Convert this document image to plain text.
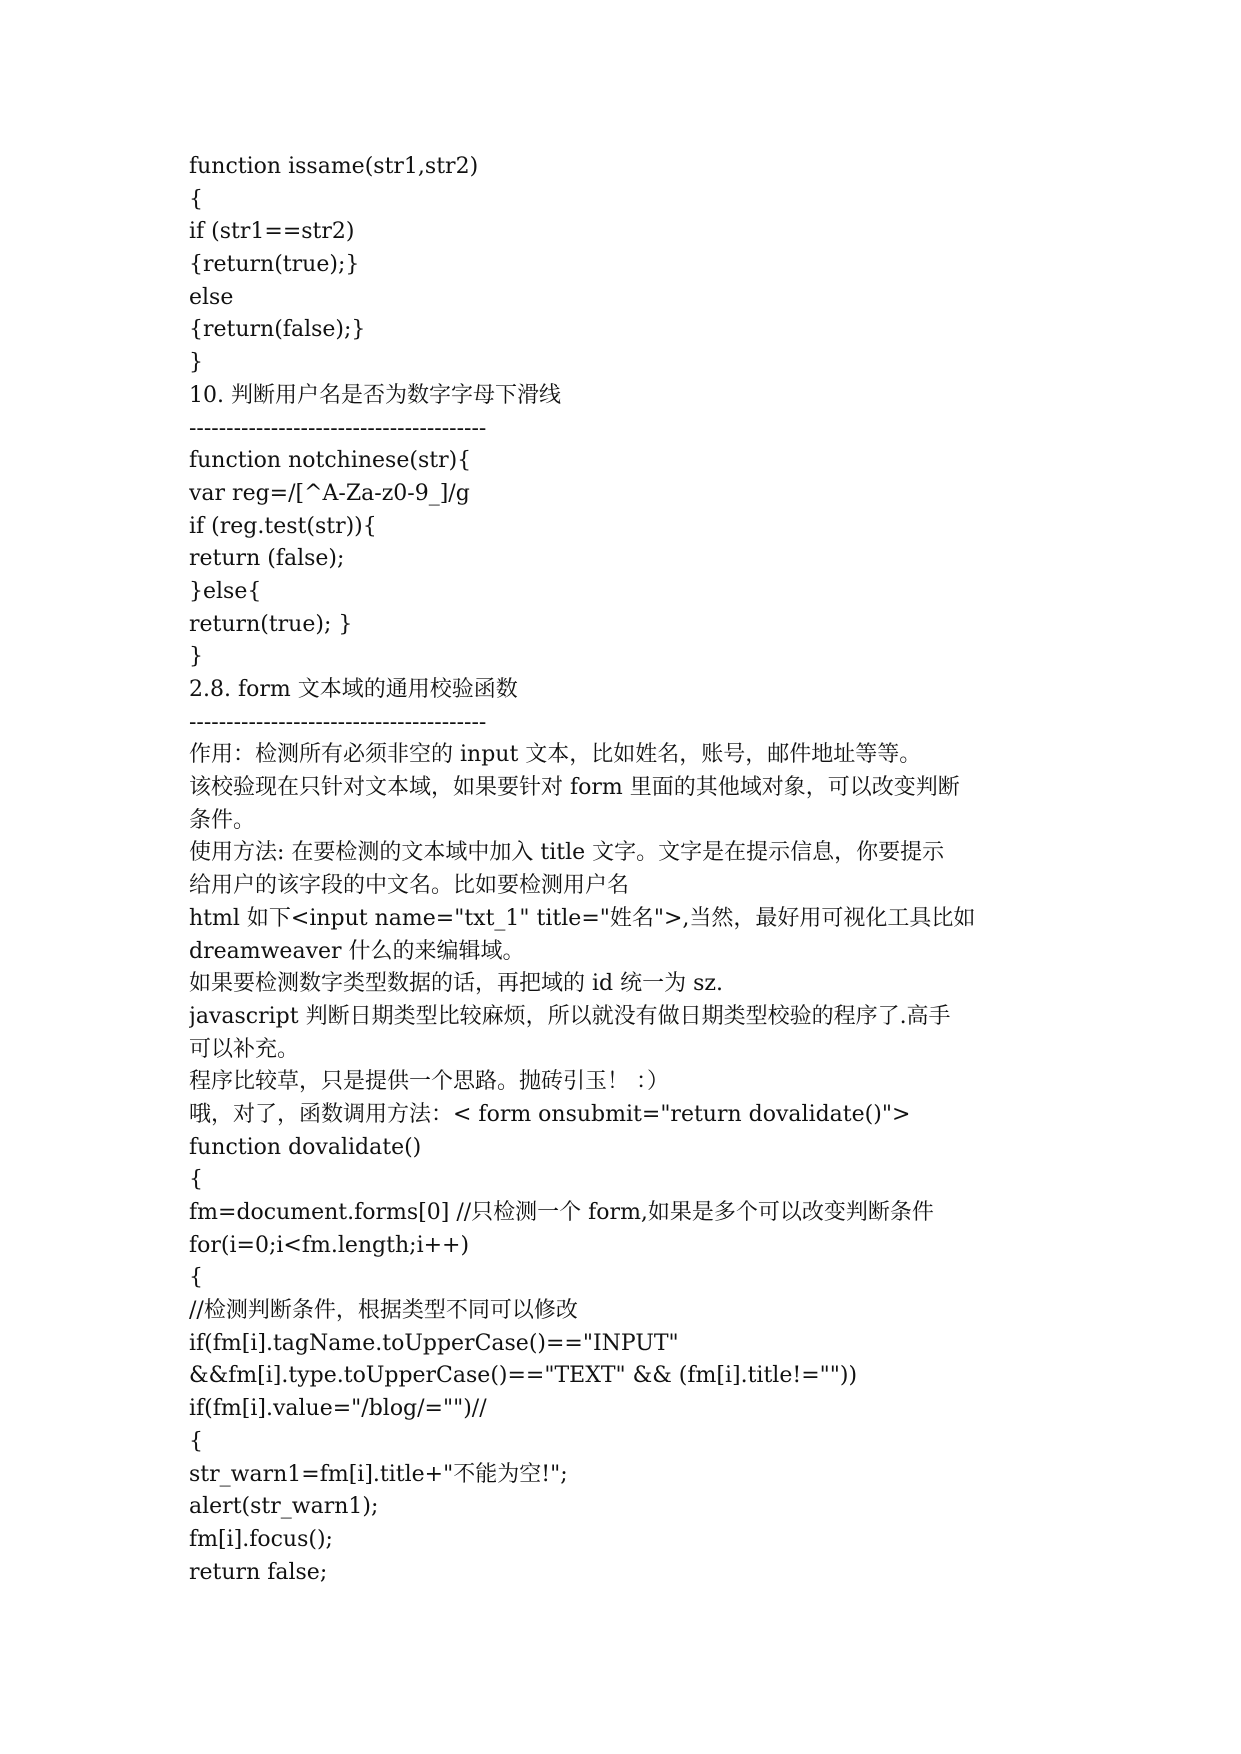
function issame(str1,str2)
{
if (str1==str2)
{return(true);}
else
{return(false);}
}
10. 判断用户名是否为数字字母下滑线
----------------------------------------
function notchinese(str){
var reg=/[^A-Za-z0-9_]/g
if (reg.test(str)){
return (false);
}else{
return(true); }
}
2.8. form 文本域的通用校验函数
----------------------------------------
作用：检测所有必须非空的 input 文本，比如姓名，账号，邮件地址等等。
该校验现在只针对文本域，如果要针对 form 里面的其他域对象，可以改变判断
条件。
使用方法: 在要检测的文本域中加入 title 文字。文字是在提示信息，你要提示
给用户的该字段的中文名。比如要检测用户名
html 如下<input name="txt_1" title="姓名">,当然，最好用可视化工具比如
dreamweaver 什么的来编辑域。
如果要检测数字类型数据的话，再把域的 id 统一为 sz.
javascript 判断日期类型比较麻烦，所以就没有做日期类型校验的程序了.高手
可以补充。
程序比较草，只是提供一个思路。抛砖引玉！ ：）
哦，对了，函数调用方法：< form onsubmit="return dovalidate()">
function dovalidate()
{
fm=document.forms[0] //只检测一个 form,如果是多个可以改变判断条件
for(i=0;i<fm.length;i++)
{
//检测判断条件，根据类型不同可以修改
if(fm[i].tagName.toUpperCase()=="INPUT"
&&fm[i].type.toUpperCase()=="TEXT" && (fm[i].title!=""))
if(fm[i].value="/blog/="")//
{
str_warn1=fm[i].title+"不能为空!";
alert(str_warn1);
fm[i].focus();
return false;
